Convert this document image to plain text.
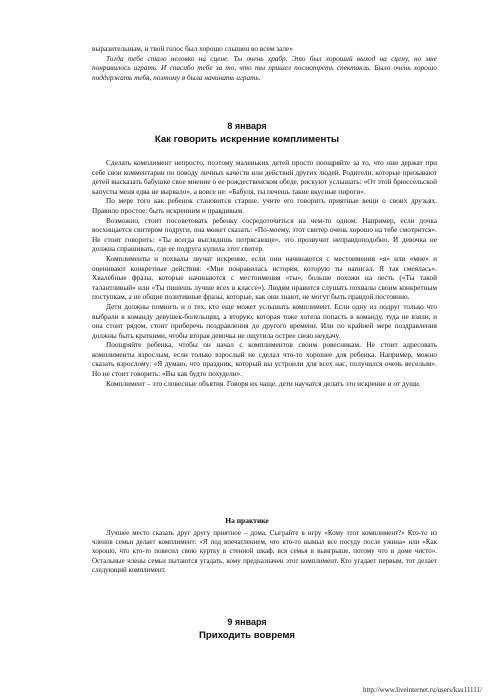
выразительным, и твой голос был хорошо слышен во всем зале»

Тогда тебе стало неловко на сцене. Ты очень храбр. Это был хороший выход на сцену, но мне понравилось играть. И спасибо тебе за то, что ты пришел посмотреть спектакль. Было очень хорошо поддержать тебя, поэтому я была начинать играть.

8 января
Как говорить искренние комплименты

Сделать комплимент непросто, поэтому маленьких детей просто поощряйте за то, что они держат при себе свои комментарии по поводу личных качеств или действий других людей. Родители, которые призывают детей высказать бабушке свое мнение о ее рождественском обеде, рискуют услышать: «От этой брюссельской капусты меня едва не вырвало», а вовсе не: «Бабуля, ты печешь такие вкусные пироги».

По мере того как ребенок становится старше, учите его говорить приятные вещи о своих друзьях. Правило простое: быть искренним и правдивым.

Возможно, стоит посоветовать ребенку сосредоточиться на чем-то одном. Например, если дочка восхищается свитером подруги, она может сказать: «По-моему, этот свитер очень хорошо на тебе смотрится». Не стоит говорить: «Ты всегда выглядишь потрясающе», это прозвучит неправдоподобно. И девочка не должна спрашивать, где ее подруга купила этот свитер.

Комплименты и похвалы звучат искренне, если они начинаются с местоимения «я» или «мне» и оценивают конкретные действия: «Мне понравилась история, которую ты написал. Я так смеялась». Хвалебные фразы, которые начинаются с местоимения «ты», больше похожи на лесть («Ты такой талантливый» или «Ты пишешь лучше всех в классе»). Людям нравится слушать похвалы своим конкретным поступкам, а не общие позитивные фразы, которые, как они знают, не могут быть правдой постоянно.

Дети должны помнить и о тех, кто еще может услышать комплимент. Если одну из подруг только что выбрали в команду девушек-болельщиц, а вторую, которая тоже хотела попасть в команду, туда не взяли, и она стоит рядом, стоит приберечь поздравления до другого времени. Или по крайней мере поздравления должны быть краткими, чтобы вторая девочка не ощутила острее свою неудачу.

Поощряйте ребенка, чтобы он начал с комплиментов своим ровесникам. Не стоит адресовать комплименты взрослым, если только взрослый не сделал что-то хорошее для ребенка. Например, можно сказать взрослому: «Я думаю, что праздник, который вы устроили для всех нас, получился очень веселым». Но не стоит говорить: «Вы как будто похудели».

Комплимент – это словесные объятия. Говоря их чаще, дети научатся делать это искренне и от души.

На практике

Лучшее место сказать друг другу приятное – дома. Сыграйте в игру «Кому этот комплимент?» Кто-то из членов семьи делает комплимент: «Я под впечатлением, что кто-то вымыл все посуду после ужина» или «Как хорошо, что кто-то повесил свою куртку в стенной шкаф, вся семья в выигрыше, потому что в доме чисто». Остальные члены семьи пытаются угадать, кому предназначен этот комплимент. Кто угадает первым, тот делает следующий комплимент.

9 января
Приходить вовремя
http://www.liveinternet.ru/users/ksu11111/
